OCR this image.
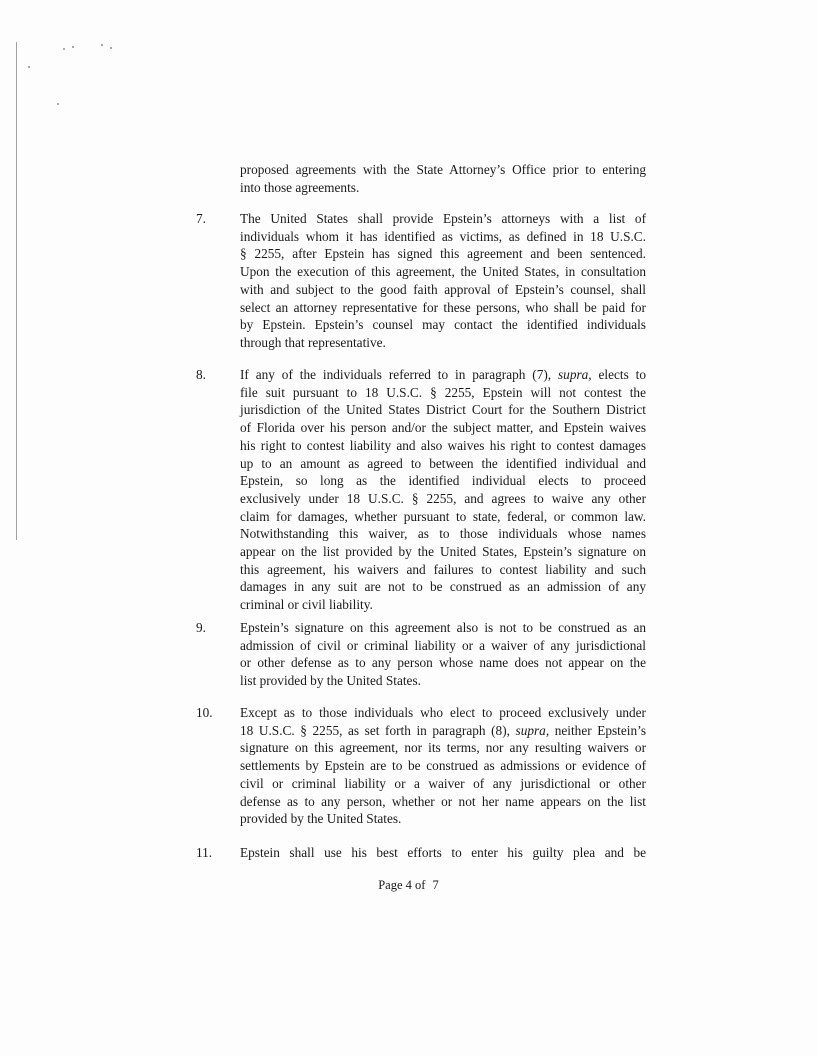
proposed agreements with the State Attorney’s Office prior to entering
into those agreements.
7.	The United States shall provide Epstein’s attorneys with a list of
individuals whom it has identified as victims, as defined in 18 U.S.C.
§ 2255, after Epstein has signed this agreement and been sentenced.
Upon the execution of this agreement, the United States, in consultation
with and subject to the good faith approval of Epstein’s counsel, shall
select an attorney representative for these persons, who shall be paid for
by Epstein. Epstein’s counsel may contact the identified individuals
through that representative.
8.	If any of the individuals referred to in paragraph (7), supra, elects to
file suit pursuant to 18 U.S.C. § 2255, Epstein will not contest the
jurisdiction of the United States District Court for the Southern District
of Florida over his person and/or the subject matter, and Epstein waives
his right to contest liability and also waives his right to contest damages
up to an amount as agreed to between the identified individual and
Epstein, so long as the identified individual elects to proceed
exclusively under 18 U.S.C. § 2255, and agrees to waive any other
claim for damages, whether pursuant to state, federal, or common law.
Notwithstanding this waiver, as to those individuals whose names
appear on the list provided by the United States, Epstein’s signature on
this agreement, his waivers and failures to contest liability and such
damages in any suit are not to be construed as an admission of any
criminal or civil liability.
9.	Epstein’s signature on this agreement also is not to be construed as an
admission of civil or criminal liability or a waiver of any jurisdictional
or other defense as to any person whose name does not appear on the
list provided by the United States.
10. Except as to those individuals who elect to proceed exclusively under
18 U.S.C. § 2255, as set forth in paragraph (8), supra, neither Epstein’s
signature on this agreement, nor its terms, nor any resulting waivers or
settlements by Epstein are to be construed as admissions or evidence of
civil or criminal liability or a waiver of any jurisdictional or other
defense as to any person, whether or not her name appears on the list
provided by the United States.
11. Epstein shall use his best efforts to enter his guilty plea and be
Page 4 of 7
